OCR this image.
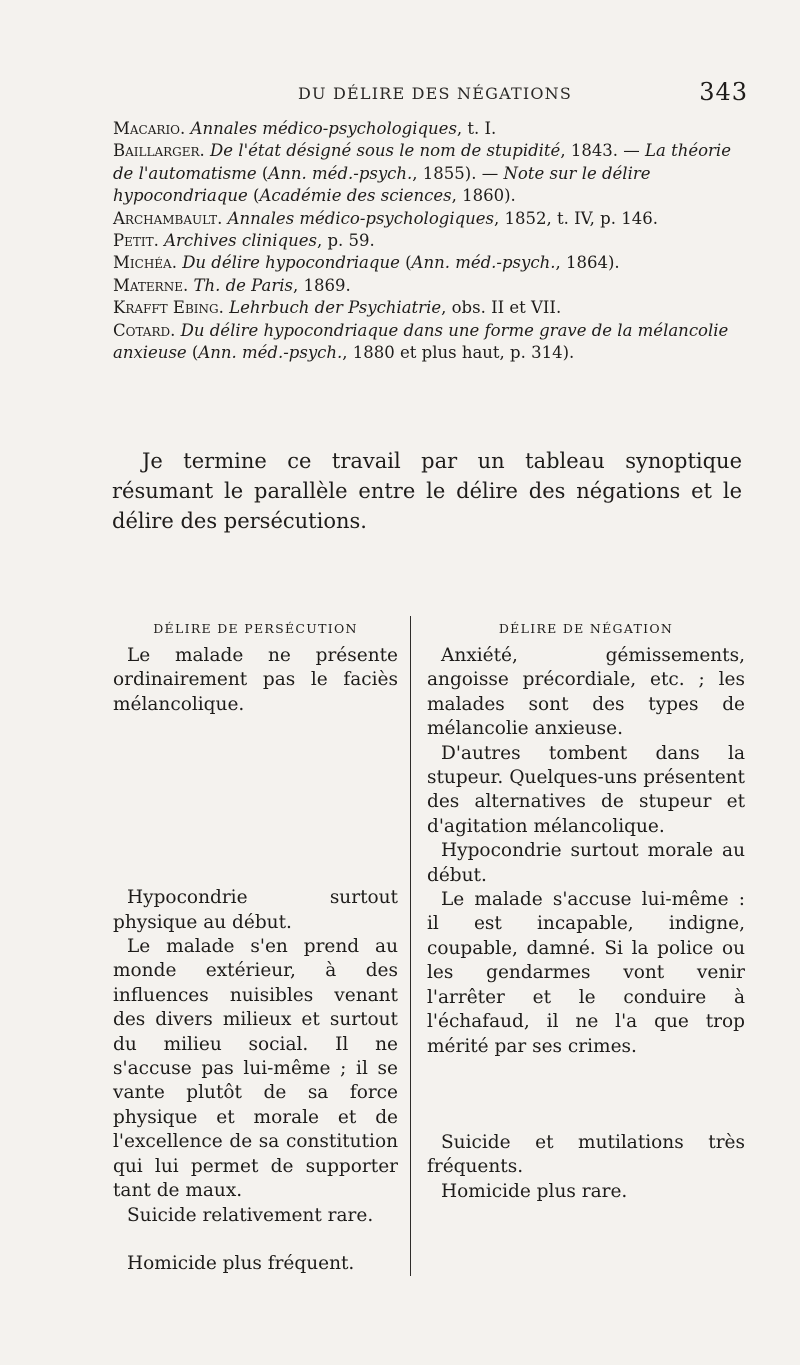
DU DÉLIRE DES NÉGATIONS	343

Macario. Annales médico-psychologiques, t. I.

Baillarger. De l'état désigné sous le nom de stupidité, 1843. — La théorie de l'automatisme (Ann. méd.-psych., 1855). — Note sur le délire hypocondriaque (Académie des sciences, 1860).

Archambault. Annales médico-psychologiques, 1852, t. IV, p. 146.

Petit. Archives cliniques, p. 59.

Michéa. Du délire hypocondriaque (Ann. méd.-psych., 1864).

Materne. Th. de Paris, 1869.

Krafft Ebing. Lehrbuch der Psychiatrie, obs. II et VII.

Cotard. Du délire hypocondriaque dans une forme grave de la mélancolie anxieuse (Ann. méd.-psych., 1880 et plus haut, p. 314).

Je termine ce travail par un tableau synoptique résumant le parallèle entre le délire des négations et le délire des persécutions.

DÉLIRE DE PERSÉCUTION

Le malade ne présente ordinairement pas le faciès mélancolique.

Hypocondrie surtout physique au début.

Le malade s'en prend au monde extérieur, à des influences nuisibles venant des divers milieux et surtout du milieu social. Il ne s'accuse pas lui-même ; il se vante plutôt de sa force physique et morale et de l'excellence de sa constitution qui lui permet de supporter tant de maux.

Suicide relativement rare.

Homicide plus fréquent.

DÉLIRE DE NÉGATION

Anxiété, gémissements, angoisse précordiale, etc. ; les malades sont des types de mélancolie anxieuse.

D'autres tombent dans la stupeur. Quelques-uns présentent des alternatives de stupeur et d'agitation mélancolique.

Hypocondrie surtout morale au début.

Le malade s'accuse lui-même : il est incapable, indigne, coupable, damné. Si la police ou les gendarmes vont venir l'arrêter et le conduire à l'échafaud, il ne l'a que trop mérité par ses crimes.

Suicide et mutilations très fréquents.

Homicide plus rare.
